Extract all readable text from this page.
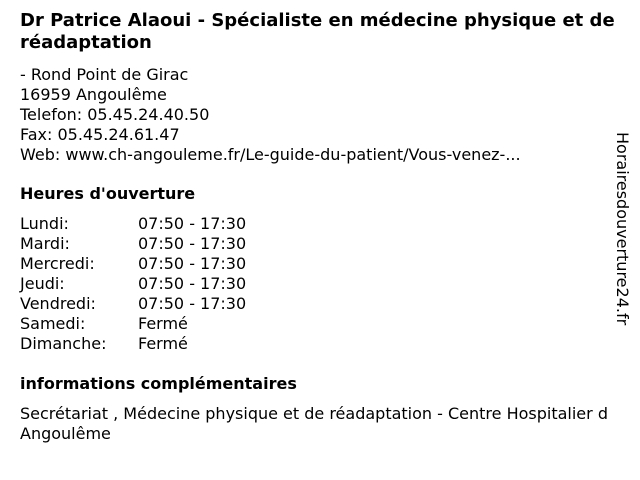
Dr Patrice Alaoui - Spécialiste en médecine physique et de réadaptation
- Rond Point de Girac
16959 Angoulême
Telefon: 05.45.24.40.50
Fax: 05.45.24.61.47
Web: www.ch-angouleme.fr/Le-guide-du-patient/Vous-venez-...
Heures d'ouverture
Lundi:	07:50 - 17:30
Mardi:	07:50 - 17:30
Mercredi:	07:50 - 17:30
Jeudi:	07:50 - 17:30
Vendredi:	07:50 - 17:30
Samedi:	Fermé
Dimanche:	Fermé
informations complémentaires
Secrétariat , Médecine physique et de réadaptation - Centre Hospitalier d Angoulême
Horairesdouverture24.fr
